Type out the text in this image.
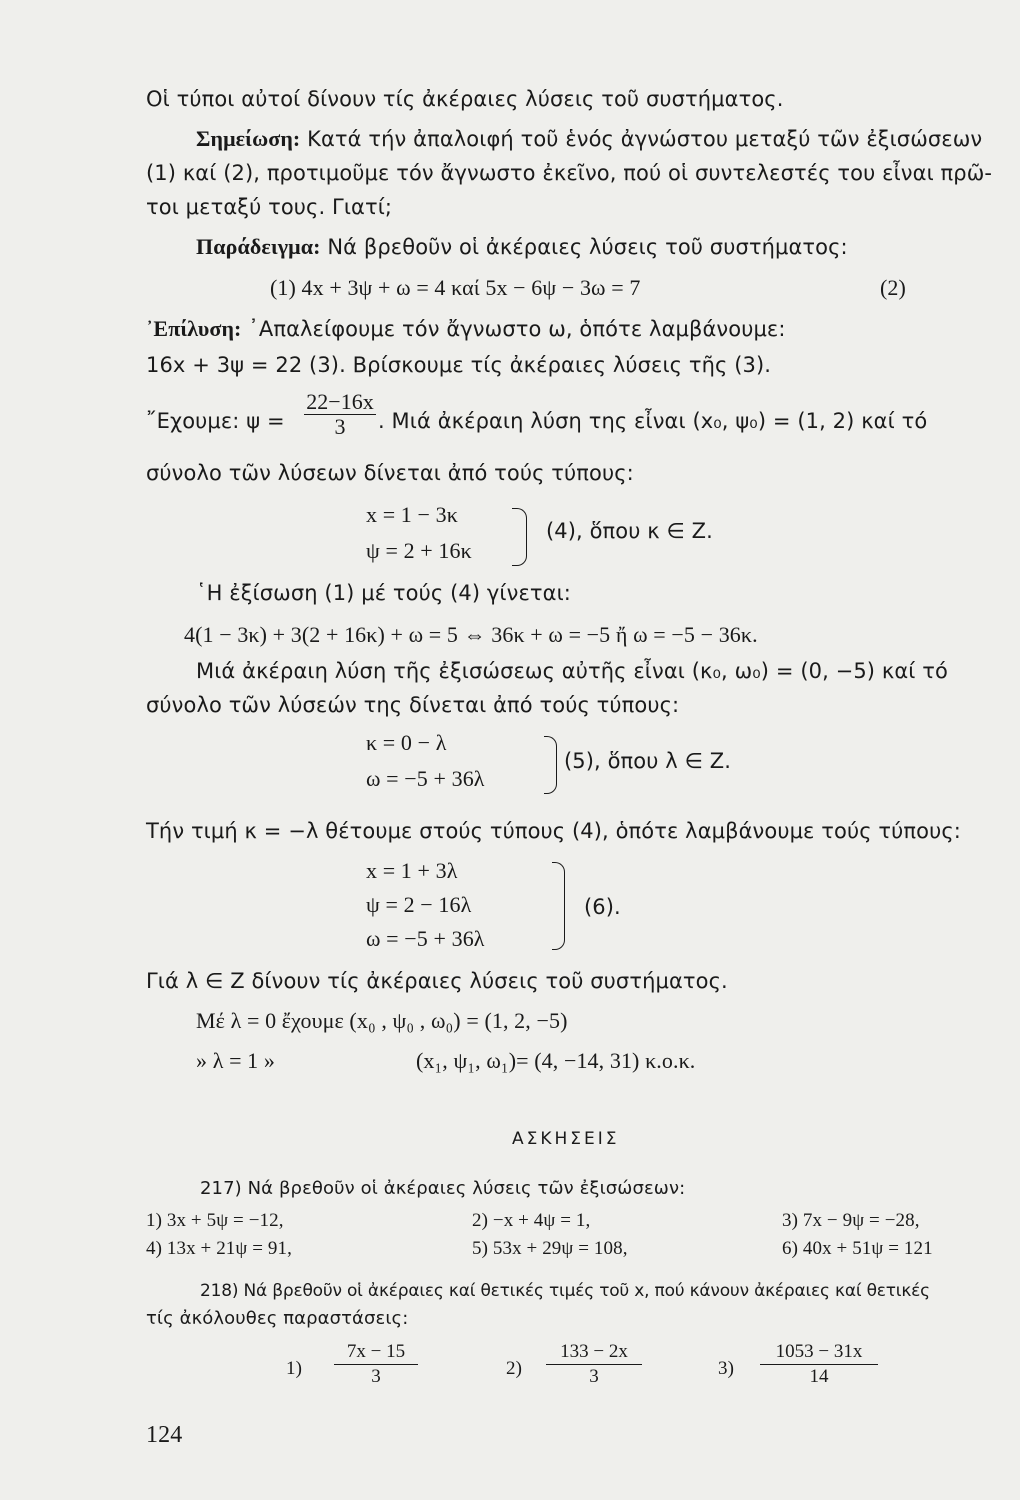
Οἱ τύποι αὐτοί δίνουν τίς ἀκέραιες λύσεις τοῦ συστήματος.
Σημείωση: Κατά τήν ἀπαλοιφή τοῦ ἑνός ἀγνώστου μεταξύ τῶν ἐξισώσεων
(1) καί (2), προτιμοῦμε τόν ἄγνωστο ἐκεῖνο, πού οἱ συντελεστές του εἶναι πρῶ-
τοι μεταξύ τους. Γιατί;
Παράδειγμα: Νά βρεθοῦν οἱ ἀκέραιες λύσεις τοῦ συστήματος:
(1) 4x + 3ψ + ω = 4 καί 5x − 6ψ − 3ω = 7	(2)
᾿Επίλυση: ᾿Απαλείφουμε τόν ἄγνωστο ω, ὁπότε λαμβάνουμε:
16x + 3ψ = 22 (3). Βρίσκουμε τίς ἀκέραιες λύσεις τῆς (3).
῎Εχουμε: ψ =
22−16x
3	. Μιά ἀκέραιη λύση της εἶναι (x₀, ψ₀) = (1, 2) καί τό
σύνολο τῶν λύσεων δίνεται ἀπό τούς τύπους:
x = 1 − 3κ
ψ = 2 + 16κ
(4), ὅπου κ ∈ Z.
῾Η ἐξίσωση (1) μέ τούς (4) γίνεται:
4(1 − 3κ) + 3(2 + 16κ) + ω = 5 ⇔ 36κ + ω = −5 ἤ ω = −5 − 36κ.
Μιά ἀκέραιη λύση τῆς ἐξισώσεως αὐτῆς εἶναι (κ₀, ω₀) = (0, −5) καί τό
σύνολο τῶν λύσεών της δίνεται ἀπό τούς τύπους:
κ = 0 − λ
ω = −5 + 36λ
(5), ὅπου λ ∈ Z.
Τήν τιμή κ = −λ θέτουμε στούς τύπους (4), ὁπότε λαμβάνουμε τούς τύπους:
x = 1 + 3λ
ψ = 2 − 16λ
ω = −5 + 36λ
(6).
Γιά λ ∈ Z δίνουν τίς ἀκέραιες λύσεις τοῦ συστήματος.
Μέ λ = 0 ἔχουμε (x₀ , ψ₀ , ω₀) = (1, 2, −5)
» λ = 1 »	(x₁, ψ₁, ω₁)= (4, −14, 31) κ.ο.κ.
ΑΣΚΗΣΕΙΣ
217) Νά βρεθοῦν οἱ ἀκέραιες λύσεις τῶν ἐξισώσεων:
1) 3x + 5ψ = −12,	2) −x + 4ψ = 1,	3) 7x − 9ψ = −28,
4) 13x + 21ψ = 91,	5) 53x + 29ψ = 108,	6) 40x + 51ψ = 121
218) Νά βρεθοῦν οἱ ἀκέραιες καί θετικές τιμές τοῦ x, πού κάνουν ἀκέραιες καί θετικές
τίς ἀκόλουθες παραστάσεις:
1)
7x − 15
3	2)
133 − 2x
3	3)
1053 − 31x
14
124
